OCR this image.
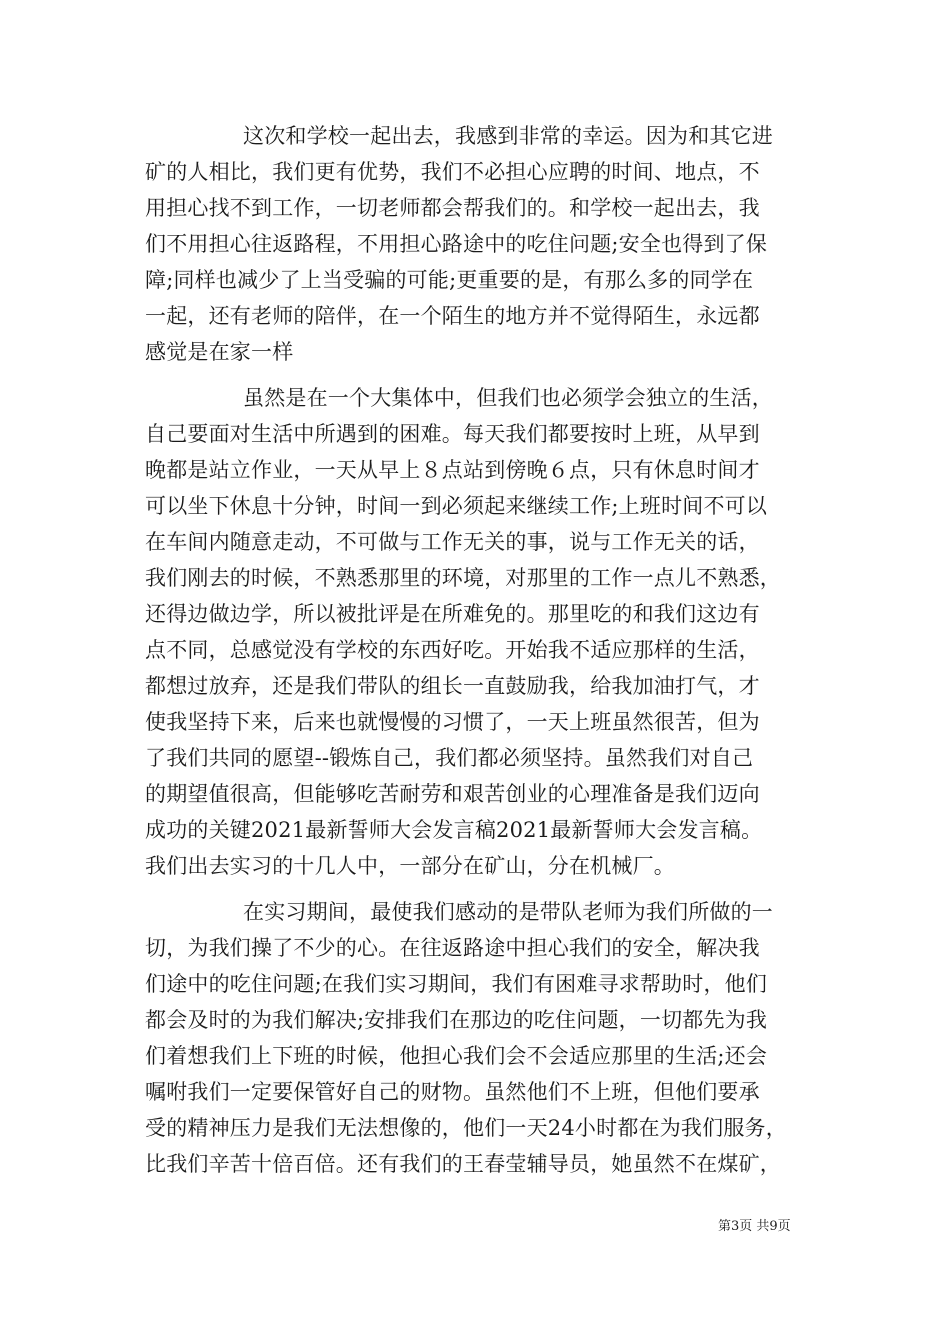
这次和学校一起出去，我感到非常的幸运。因为和其它进
矿的人相比，我们更有优势，我们不必担心应聘的时间、地点，不
用担心找不到工作，一切老师都会帮我们的。和学校一起出去，我
们不用担心往返路程，不用担心路途中的吃住问题;安全也得到了保
障;同样也减少了上当受骗的可能;更重要的是，有那么多的同学在
一起，还有老师的陪伴，在一个陌生的地方并不觉得陌生，永远都
感觉是在家一样
虽然是在一个大集体中，但我们也必须学会独立的生活，
自己要面对生活中所遇到的困难。每天我们都要按时上班，从早到
晚都是站立作业，一天从早上８点站到傍晚６点，只有休息时间才
可以坐下休息十分钟，时间一到必须起来继续工作;上班时间不可以
在车间内随意走动，不可做与工作无关的事，说与工作无关的话，
我们刚去的时候，不熟悉那里的环境，对那里的工作一点儿不熟悉，
还得边做边学，所以被批评是在所难免的。那里吃的和我们这边有
点不同，总感觉没有学校的东西好吃。开始我不适应那样的生活，
都想过放弃，还是我们带队的组长一直鼓励我，给我加油打气，才
使我坚持下来，后来也就慢慢的习惯了，一天上班虽然很苦，但为
了我们共同的愿望--锻炼自己，我们都必须坚持。虽然我们对自己
的期望值很高，但能够吃苦耐劳和艰苦创业的心理准备是我们迈向
成功的关键2021最新誓师大会发言稿2021最新誓师大会发言稿。
我们出去实习的十几人中，一部分在矿山，分在机械厂。
在实习期间，最使我们感动的是带队老师为我们所做的一
切，为我们操了不少的心。在往返路途中担心我们的安全，解决我
们途中的吃住问题;在我们实习期间，我们有困难寻求帮助时，他们
都会及时的为我们解决;安排我们在那边的吃住问题，一切都先为我
们着想我们上下班的时候，他担心我们会不会适应那里的生活;还会
嘱咐我们一定要保管好自己的财物。虽然他们不上班，但他们要承
受的精神压力是我们无法想像的，他们一天24小时都在为我们服务，
比我们辛苦十倍百倍。还有我们的王春莹辅导员，她虽然不在煤矿，
第3页 共9页
